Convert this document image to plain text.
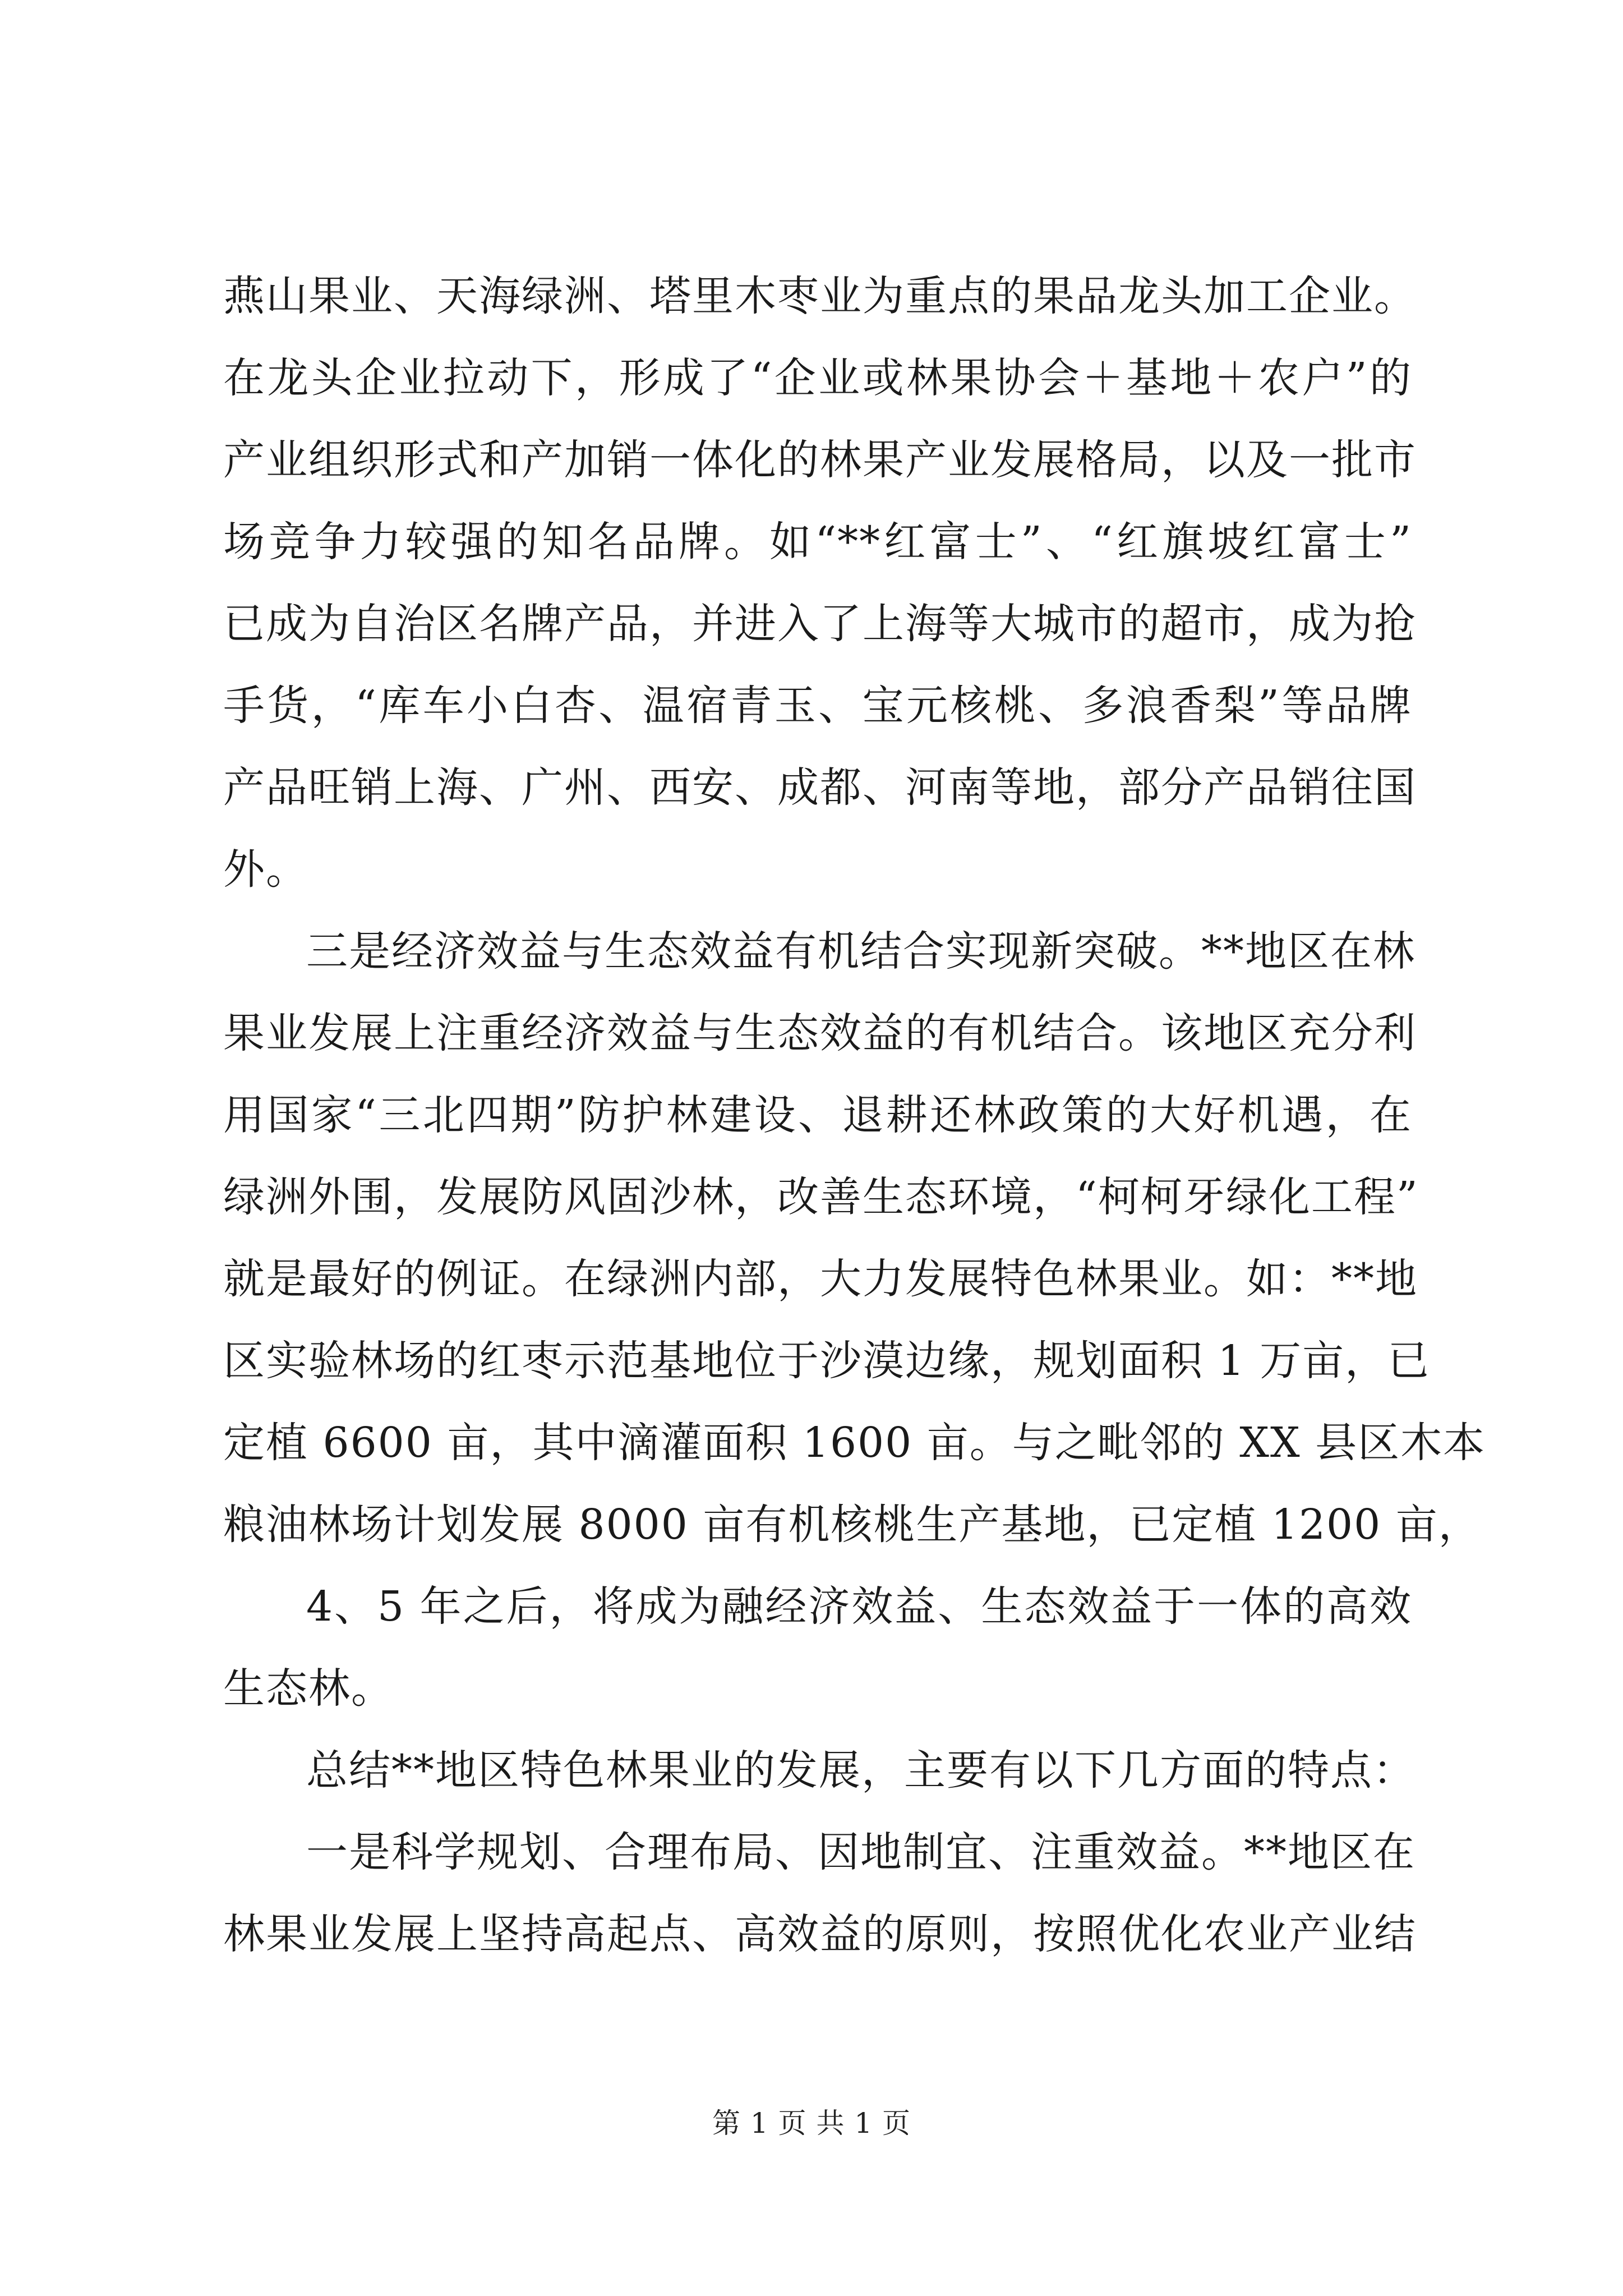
燕山果业、天海绿洲、塔里木枣业为重点的果品龙头加工企业。
在龙头企业拉动下，形成了“企业或林果协会＋基地＋农户”的
产业组织形式和产加销一体化的林果产业发展格局，以及一批市
场竞争力较强的知名品牌。如“**红富士”、“红旗坡红富士”
已成为自治区名牌产品，并进入了上海等大城市的超市，成为抢
手货，“库车小白杏、温宿青玉、宝元核桃、多浪香梨”等品牌
产品旺销上海、广州、西安、成都、河南等地，部分产品销往国
外。
三是经济效益与生态效益有机结合实现新突破。**地区在林
果业发展上注重经济效益与生态效益的有机结合。该地区充分利
用国家“三北四期”防护林建设、退耕还林政策的大好机遇，在
绿洲外围，发展防风固沙林，改善生态环境，“柯柯牙绿化工程”
就是最好的例证。在绿洲内部，大力发展特色林果业。如：**地
区实验林场的红枣示范基地位于沙漠边缘，规划面积 1 万亩，已
定植 6600 亩，其中滴灌面积 1600 亩。与之毗邻的 XX 县区木本
粮油林场计划发展 8000 亩有机核桃生产基地，已定植 1200 亩，
4、5 年之后，将成为融经济效益、生态效益于一体的高效
生态林。
总结**地区特色林果业的发展，主要有以下几方面的特点：
一是科学规划、合理布局、因地制宜、注重效益。**地区在
林果业发展上坚持高起点、高效益的原则，按照优化农业产业结
第 1 页 共 1 页
